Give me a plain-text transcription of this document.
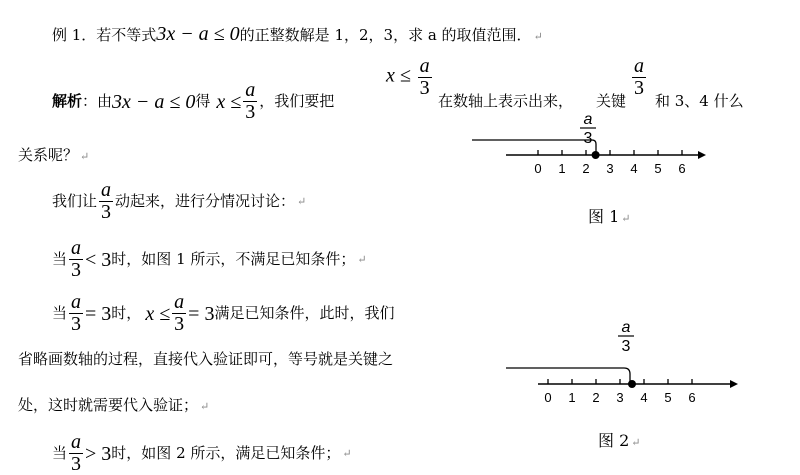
例 1．若不等式3x − a ≤ 0的正整数解是 1，2，3，求 a 的取值范围． ↵
$x \le \frac{a}{3}$	$\frac{a}{3}$
解析 ：由 3x − a ≤ 0 得 $x \le \frac{a}{3}$ ，我们要把	在数轴上表示出来， 关键 和 3、4 什么
关系呢？ ↵
a
3
0 1 2 3 4 5 6
图 1 ↵
我们让 $\frac{a}{3}$ 动起来，进行分情况讨论： ↵
当 $\frac{a}{3} < 3$ 时，如图 1 所示，不满足已知条件； ↵
当 $\frac{a}{3} = 3$ 时， $x \le \frac{a}{3} = 3$ 满足已知条件，此时，我们
省略画数轴的过程，直接代入验证即可，等号就是关键之
处，这时就需要代入验证； ↵
a
3
0 1 2 3 4 5 6
图 2 ↵
当 $\frac{a}{3} > 3$ 时，如图 2 所示，满足已知条件； ↵
